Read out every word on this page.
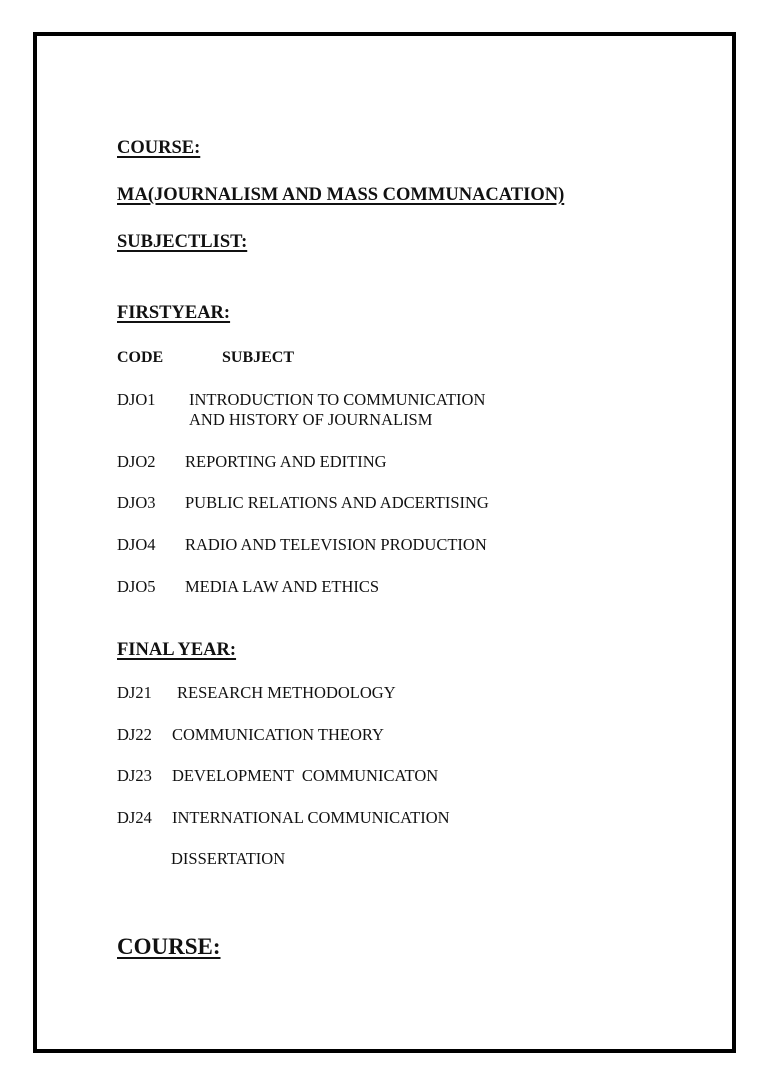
COURSE:
MA(JOURNALISM AND MASS COMMUNACATION)
SUBJECTLIST:
FIRSTYEAR:
CODE	SUBJECT
DJO1 INTRODUCTION TO COMMUNICATION
AND HISTORY OF JOURNALISM
DJO2 REPORTING AND EDITING
DJO3 PUBLIC RELATIONS AND ADCERTISING
DJO4 RADIO AND TELEVISION PRODUCTION
DJO5 MEDIA LAW AND ETHICS
FINAL YEAR:
DJ21 RESEARCH METHODOLOGY
DJ22 COMMUNICATION THEORY
DJ23 DEVELOPMENT  COMMUNICATON
DJ24 INTERNATIONAL COMMUNICATION
DISSERTATION
COURSE:
